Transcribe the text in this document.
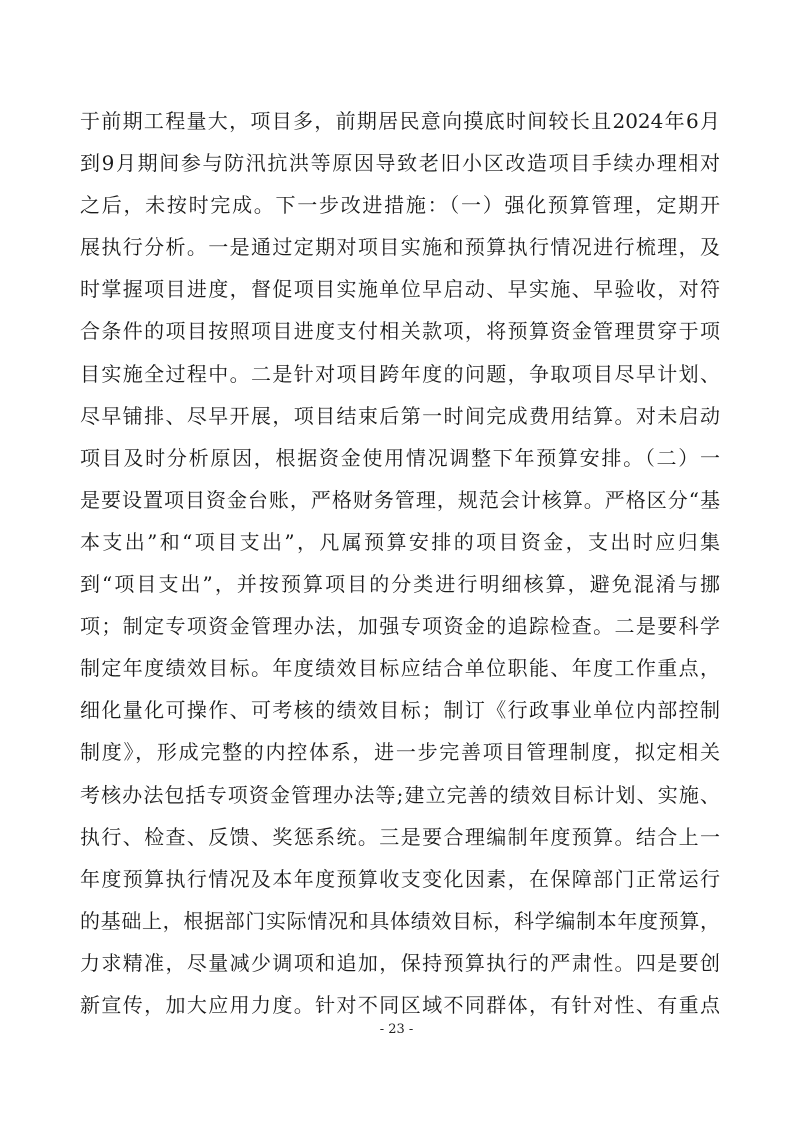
于前期工程量大，项目多，前期居民意向摸底时间较长且2024年6月
到9月期间参与防汛抗洪等原因导致老旧小区改造项目手续办理相对
之后，未按时完成。下一步改进措施：（一）强化预算管理，定期开
展执行分析。一是通过定期对项目实施和预算执行情况进行梳理，及
时掌握项目进度，督促项目实施单位早启动、早实施、早验收，对符
合条件的项目按照项目进度支付相关款项，将预算资金管理贯穿于项
目实施全过程中。二是针对项目跨年度的问题，争取项目尽早计划、
尽早铺排、尽早开展，项目结束后第一时间完成费用结算。对未启动
项目及时分析原因，根据资金使用情况调整下年预算安排。（二）一
是要设置项目资金台账，严格财务管理，规范会计核算。严格区分“基
本支出”和“项目支出”，凡属预算安排的项目资金，支出时应归集
到“项目支出”，并按预算项目的分类进行明细核算，避免混淆与挪
项；制定专项资金管理办法，加强专项资金的追踪检查。二是要科学
制定年度绩效目标。年度绩效目标应结合单位职能、年度工作重点，
细化量化可操作、可考核的绩效目标；制订《行政事业单位内部控制
制度》，形成完整的内控体系，进一步完善项目管理制度，拟定相关
考核办法包括专项资金管理办法等;建立完善的绩效目标计划、实施、
执行、检查、反馈、奖惩系统。三是要合理编制年度预算。结合上一
年度预算执行情况及本年度预算收支变化因素，在保障部门正常运行
的基础上，根据部门实际情况和具体绩效目标，科学编制本年度预算，
力求精准，尽量减少调项和追加，保持预算执行的严肃性。四是要创
新宣传，加大应用力度。针对不同区域不同群体，有针对性、有重点
- 23 -
